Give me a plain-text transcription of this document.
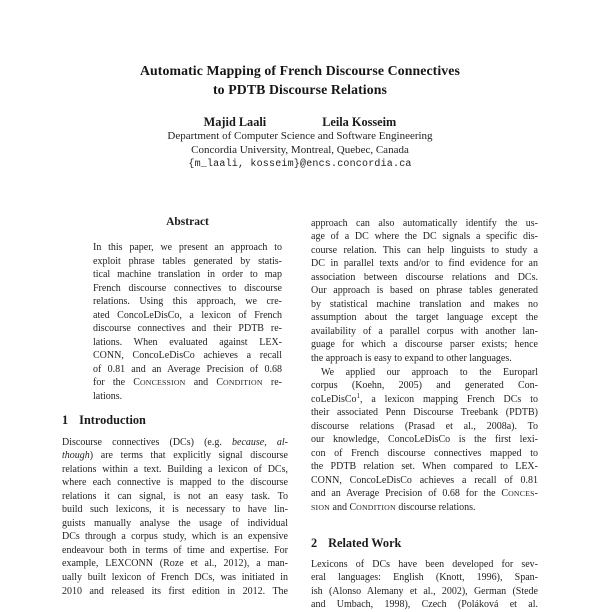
Automatic Mapping of French Discourse Connectives
to PDTB Discourse Relations
Majid Laali	Leila Kosseim
Department of Computer Science and Software Engineering
Concordia University, Montreal, Quebec, Canada
{m_laali, kosseim}@encs.concordia.ca
Abstract
In this paper, we present an approach to
exploit phrase tables generated by statis-
tical machine translation in order to map
French discourse connectives to discourse
relations. Using this approach, we cre-
ated ConcoLeDisCo, a lexicon of French
discourse connectives and their PDTB re-
lations. When evaluated against LEX-
CONN, ConcoLeDisCo achieves a recall
of 0.81 and an Average Precision of 0.68
for the CONCESSION and CONDITION re-
lations.
1 Introduction
Discourse connectives (DCs) (e.g. because, al-
though) are terms that explicitly signal discourse
relations within a text. Building a lexicon of DCs,
where each connective is mapped to the discourse
relations it can signal, is not an easy task. To
build such lexicons, it is necessary to have lin-
guists manually analyse the usage of individual
DCs through a corpus study, which is an expensive
endeavour both in terms of time and expertise. For
example, LEXCONN (Roze et al., 2012), a man-
ually built lexicon of French DCs, was initiated in
2010 and released its first edition in 2012. The
approach can also automatically identify the us-
age of a DC where the DC signals a specific dis-
course relation. This can help linguists to study a
DC in parallel texts and/or to find evidence for an
association between discourse relations and DCs.
Our approach is based on phrase tables generated
by statistical machine translation and makes no
assumption about the target language except the
availability of a parallel corpus with another lan-
guage for which a discourse parser exists; hence
the approach is easy to expand to other languages.
We applied our approach to the Europarl
corpus (Koehn, 2005) and generated Con-
coLeDisCo$^1$, a lexicon mapping French DCs to
their associated Penn Discourse Treebank (PDTB)
discourse relations (Prasad et al., 2008a). To
our knowledge, ConcoLeDisCo is the first lexi-
con of French discourse connectives mapped to
the PDTB relation set. When compared to LEX-
CONN, ConcoLeDisCo achieves a recall of 0.81
and an Average Precision of 0.68 for the CONCES-
SION and CONDITION discourse relations.
2 Related Work
Lexicons of DCs have been developed for sev-
eral languages: English (Knott, 1996), Span-
ish (Alonso Alemany et al., 2002), German (Stede
and Umbach, 1998), Czech (Poláková et al.
